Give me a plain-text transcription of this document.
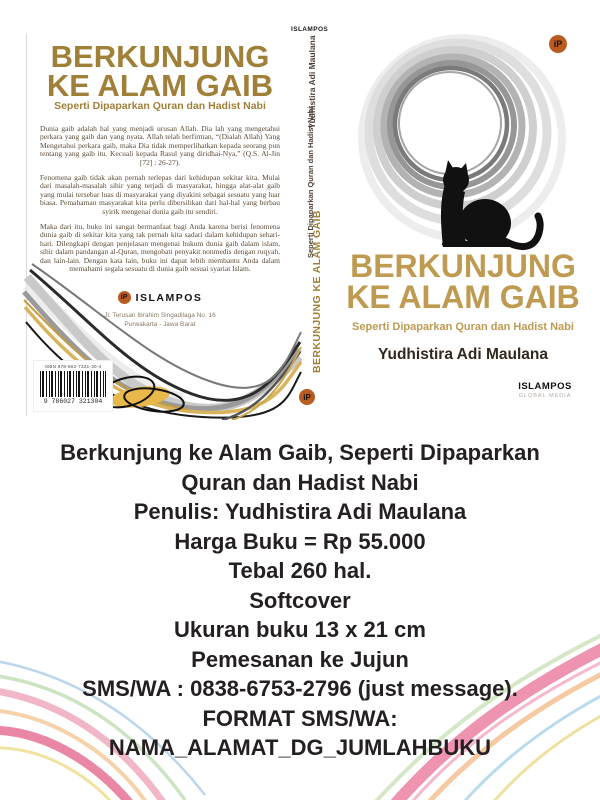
BERKUNJUNG
KE ALAM GAIB
Seperti Dipaparkan Quran dan Hadist Nabi

Dunia gaib adalah hal yang menjadi urusan Allah. Dia lah yang mengetahui perkara yang gaib dan yang nyata. Allah telah berfirman, “(Dialah Allah) Yang Mengetahui perkara gaib, maka Dia tidak memperlihatkan kepada seorang pun tentang yang gaib itu. Kecuali kepada Rasul yang diridhai-Nya,” (Q.S. Al-Jin [72] : 26-27).

Fenomena gaib tidak akan pernah terlepas dari kehidupan sekitar kita. Mulai dari masalah-masalah sihir yang terjadi di masyarakat, hingga alat-alat gaib yang mulai tersebar luas di masyarakat yang diyakini sebagai sesuatu yang luar biasa. Pemahaman masyarakat kita perlu dibersihkan dari hal-hal yang berbau syirik mengenai dunia gaib itu sendiri.

Maka dari itu, buku ini sangat bermanfaat bagi Anda karena berisi fenomena dunia gaib di sekitar kita yang tak pernah kita sadari dalam kehidupan sehari-hari. Dilengkapi dengan penjelasan mengenai hukum dunia gaib dalam islam, sihir dalam pandangan al-Quran, mengobati penyakit nonmedis dengan ruqyah, dan lain-lain. Dengan kata lain, buku ini dapat lebih membantu Anda dalam memahami segala sesuatu di dunia gaib sesuai syariat Islam.

iP ISLAMPOS
Jl. Terusan Ibrahim Singadilaga No. 16
Purwakarta - Jawa Barat
ISBN 978-602-7321-30-4
9 786027 321304
ISLAMPOS
Yudhistira Adi Maulana
Seperti Dipaparkan Quran dan Hadist Nabi
BERKUNJUNG KE ALAM GAIB
iP
iP
BERKUNJUNG
KE ALAM GAIB
Seperti Dipaparkan Quran dan Hadist Nabi
Yudhistira Adi Maulana
ISLAMPOS
GLOBAL MEDIA
Berkunjung ke Alam Gaib, Seperti Dipaparkan
Quran dan Hadist Nabi
Penulis: Yudhistira Adi Maulana
Harga Buku = Rp 55.000
Tebal 260 hal.
Softcover
Ukuran buku 13 x 21 cm
Pemesanan ke Jujun
SMS/WA : 0838-6753-2796 (just message).
FORMAT SMS/WA:
NAMA_ALAMAT_DG_JUMLAHBUKU
